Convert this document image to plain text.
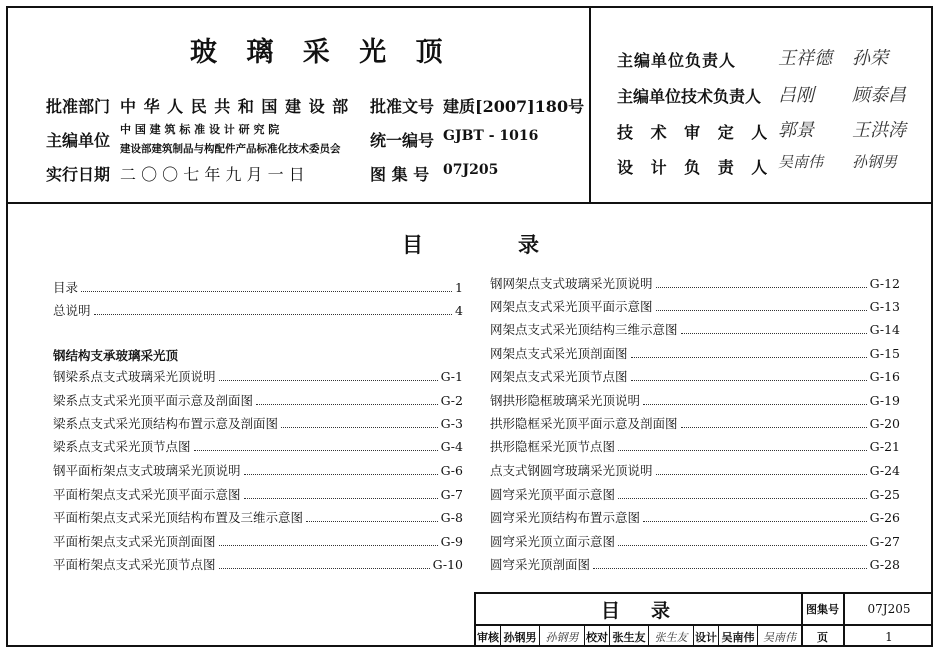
玻 璃 采 光 顶
批准部门 中 华 人 民 共 和 国 建 设 部 批准文号 建质[2007]180号
主编单位
中 国 建 筑 标 准 设 计 研 究 院
建设部建筑制品与构配件产品标准化技术委员会 统一编号 GJBT - 1016
实行日期 二 〇 〇 七 年 九 月 一 日	图 集 号 07J205
主编单位负责人 王祥德 孙荣
主编单位技术负责人 吕刚 顾泰昌
技 术 审 定 人 郭景 王洪涛
设 计 负 责 人 吴南伟 孙钢男
目　　　录
目录	1
总说明	4
钢结构支承玻璃采光顶
钢梁系点支式玻璃采光顶说明	G-1
梁系点支式采光顶平面示意及剖面图	G-2
梁系点支式采光顶结构布置示意及剖面图	G-3
梁系点支式采光顶节点图	G-4
钢平面桁架点支式玻璃采光顶说明	G-6
平面桁架点支式采光顶平面示意图	G-7
平面桁架点支式采光顶结构布置及三维示意图	G-8
平面桁架点支式采光顶剖面图	G-9
平面桁架点支式采光顶节点图	G-10
钢网架点支式玻璃采光顶说明	G-12
网架点支式采光顶平面示意图	G-13
网架点支式采光顶结构三维示意图	G-14
网架点支式采光顶剖面图	G-15
网架点支式采光顶节点图	G-16
钢拱形隐框玻璃采光顶说明	G-19
拱形隐框采光顶平面示意及剖面图	G-20
拱形隐框采光顶节点图	G-21
点支式钢圆穹玻璃采光顶说明	G-24
圆穹采光顶平面示意图	G-25
圆穹采光顶结构布置示意图	G-26
圆穹采光顶立面示意图	G-27
圆穹采光顶剖面图	G-28
目　录	图集号	07J205
审核 孙钢男 孙钢男 校对 张生友 张生友 设计 吴南伟 吴南伟	页	1
